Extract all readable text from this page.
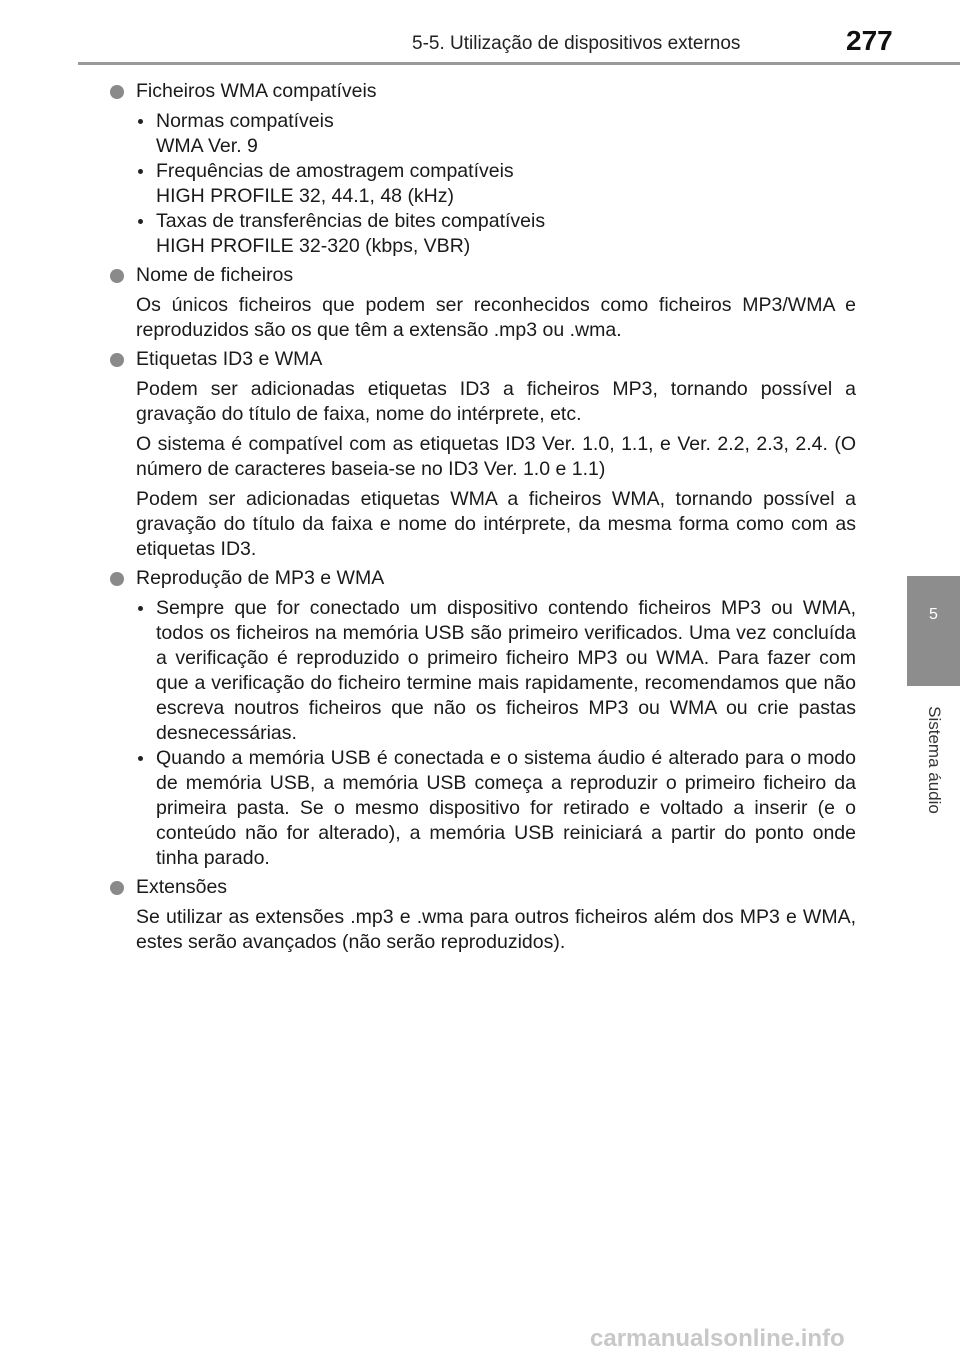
5-5. Utilização de dispositivos externos	277
5
Sistema áudio
Ficheiros WMA compatíveis
Normas compatíveis
WMA Ver. 9
Frequências de amostragem compatíveis
HIGH PROFILE 32, 44.1, 48 (kHz)
Taxas de transferências de bites compatíveis
HIGH PROFILE 32-320 (kbps, VBR)
Nome de ficheiros

Os únicos ficheiros que podem ser reconhecidos como ficheiros MP3/WMA e reproduzidos são os que têm a extensão .mp3 ou .wma.

Etiquetas ID3 e WMA

Podem ser adicionadas etiquetas ID3 a ficheiros MP3, tornando possível a gravação do título de faixa, nome do intérprete, etc.

O sistema é compatível com as etiquetas ID3 Ver. 1.0, 1.1, e Ver. 2.2, 2.3, 2.4. (O número de caracteres baseia-se no ID3 Ver. 1.0 e 1.1)

Podem ser adicionadas etiquetas WMA a ficheiros WMA, tornando possível a gravação do título da faixa e nome do intérprete, da mesma forma como com as etiquetas ID3.

Reprodução de MP3 e WMA
Sempre que for conectado um dispositivo contendo ficheiros MP3 ou WMA, todos os ficheiros na memória USB são primeiro verificados. Uma vez concluída a verificação é reproduzido o primeiro ficheiro MP3 ou WMA. Para fazer com que a verificação do ficheiro termine mais rapidamente, recomendamos que não escreva noutros ficheiros que não os ficheiros MP3 ou WMA ou crie pastas desnecessárias.
Quando a memória USB é conectada e o sistema áudio é alterado para o modo de memória USB, a memória USB começa a reproduzir o primeiro ficheiro da primeira pasta. Se o mesmo dispositivo for retirado e voltado a inserir (e o conteúdo não for alterado), a memória USB reiniciará a partir do ponto onde tinha parado.
Extensões

Se utilizar as extensões .mp3 e .wma para outros ficheiros além dos MP3 e WMA, estes serão avançados (não serão reproduzidos).

carmanualsonline.info
